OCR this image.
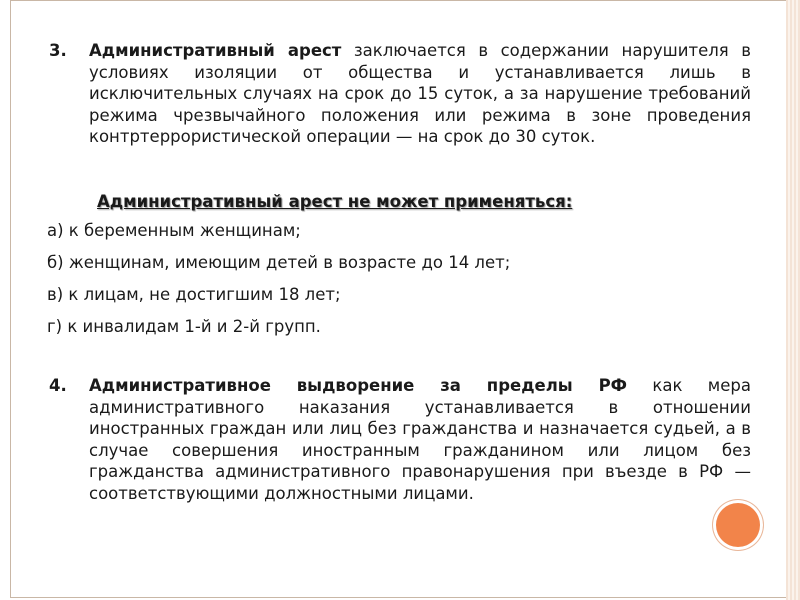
3. Административный арест заключается в содержании нарушителя в условиях изоляции от общества и устанавливается лишь в исключительных случаях на срок до 15 суток, а за нарушение требований режима чрезвычайного положения или режима в зоне проведения контртеррористической операции — на срок до 30 суток.
Административный арест не может применяться:
а) к беременным женщинам;
б) женщинам, имеющим детей в возрасте до 14 лет;
в) к лицам, не достигшим 18 лет;
г) к инвалидам 1-й и 2-й групп.
4. Административное выдворение за пределы РФ как мера административного наказания устанавливается в отношении иностранных граждан или лиц без гражданства и назначается судьей, а в случае совершения иностранным гражданином или лицом без гражданства административного правонарушения при въезде в РФ — соответствующими должностными лицами.
